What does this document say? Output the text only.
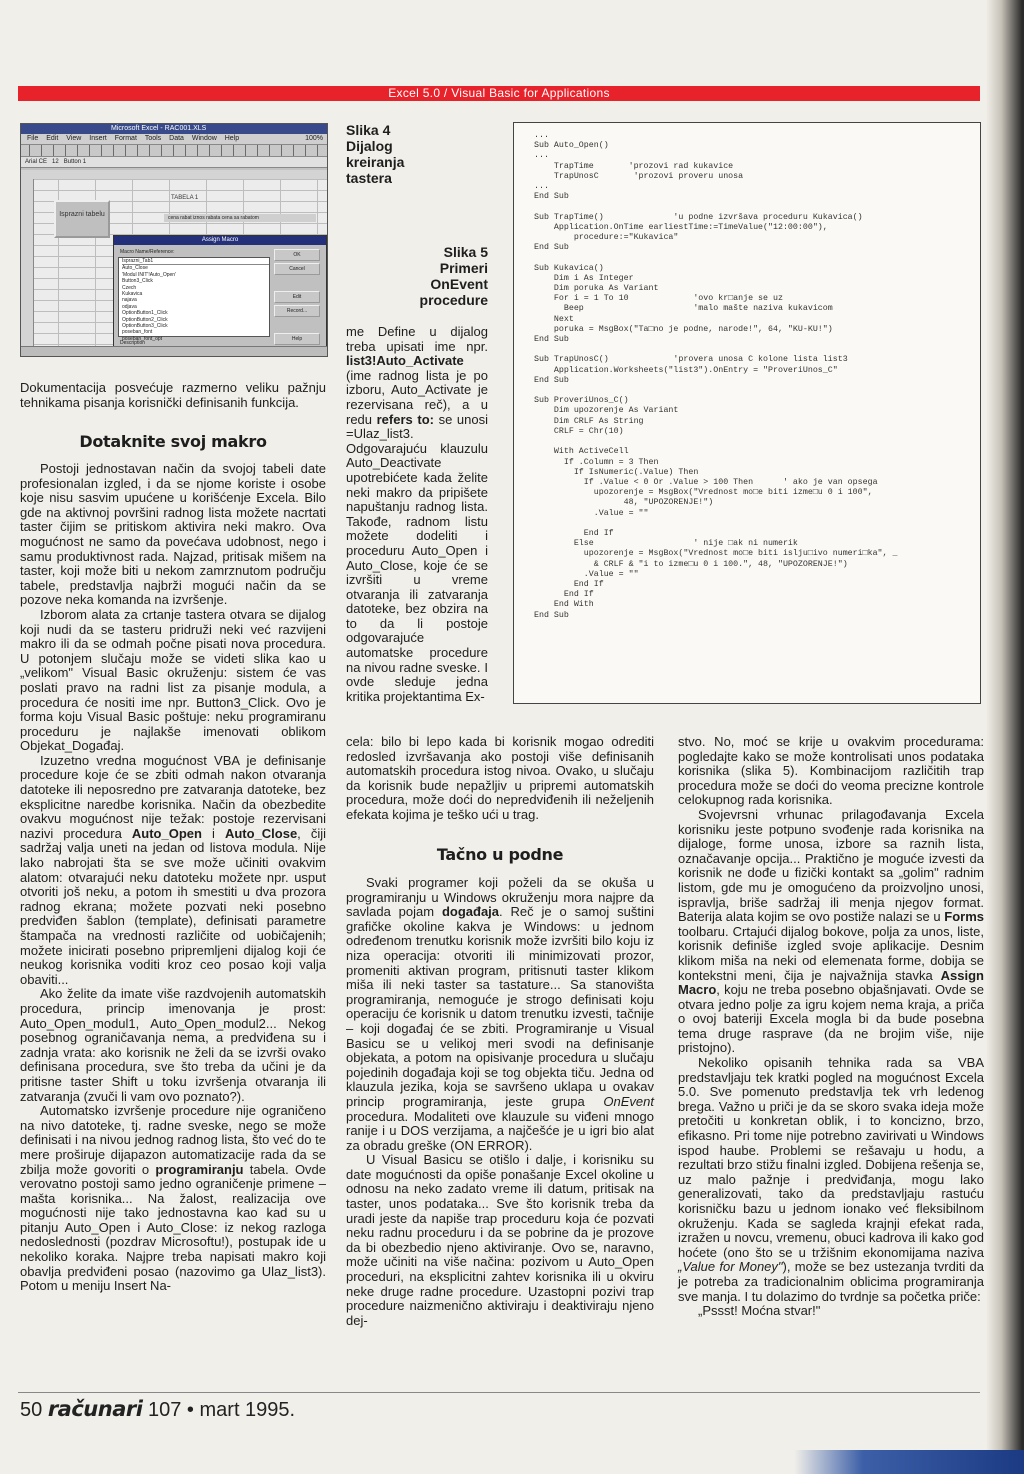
Excel 5.0 / Visual Basic for Applications
Microsoft Excel - RAC001.XLS
File Edit View Insert Format Tools Data Window Help	100%
Arial CE 12 Button 1
Isprazni tabelu
TABELA 1
cena rabat iznos rabata cena sa rabatom
Assign Macro
Macro Name/Reference:
Isprazni_Tab1
Auto_Close
'Modul INIT'!Auto_Open'
Button3_Click
Czech
Kukavica
najava
odjava
OptionButton1_Click
OptionButton2_Click
OptionButton3_Click
poseban_font
poseban_font_opt
OK
Cancel
Edit
Record...
Help
Description
Slika 4 Dijalog kreiranja tastera
Slika 5 Primeri OnEvent procedure
...
Sub Auto_Open()
...
TrapTime       'prozovi rad kukavice
TrapUnosC       'prozovi proveru unosa
...
End Sub

Sub TrapTime()              'u podne izvršava proceduru Kukavica()
Application.OnTime earliestTime:=TimeValue("12:00:00"),
procedure:="Kukavica"
End Sub

Sub Kukavica()
Dim i As Integer
Dim poruka As Variant
For i = 1 To 10             'ovo kr□anje se uz
Beep                      'malo mašte naziva kukavicom
Next
poruka = MsgBox("Ta□no je podne, narode!", 64, "KU-KU!")
End Sub

Sub TrapUnosC()             'provera unosa C kolone lista list3
Application.Worksheets("list3").OnEntry = "ProveriUnos_C"
End Sub

Sub ProveriUnos_C()
Dim upozorenje As Variant
Dim CRLF As String
CRLF = Chr(10)

With ActiveCell
If .Column = 3 Then
If IsNumeric(.Value) Then
If .Value < 0 Or .Value > 100 Then      ' ako je van opsega
upozorenje = MsgBox("Vrednost mo□e biti izme□u 0 i 100",
48, "UPOZORENJE!")
.Value = ""

End If
Else                    ' nije □ak ni numerik
upozorenje = MsgBox("Vrednost mo□e biti islju□ivo numeri□ka", _
& CRLF & "i to izme□u 0 i 100.", 48, "UPOZORENJE!")
.Value = ""
End If
End If
End With
End Sub
Dokumentacija posvećuje razmerno veliku pažnju tehnikama pisanja korisnički definisanih funkcija.
Dotaknite svoj makro

Postoji jednostavan način da svojoj tabeli date profesionalan izgled, i da se njome koriste i osobe koje nisu sasvim upućene u korišćenje Excela. Bilo gde na aktivnoj površini radnog lista možete nacrtati taster čijim se pritiskom aktivira neki makro. Ova mogućnost ne samo da povećava udobnost, nego i samu produktivnost rada. Najzad, pritisak mišem na taster, koji može biti u nekom zamrznutom području tabele, predstavlja najbrži mogući način da se pozove neka komanda na izvršenje.

Izborom alata za crtanje tastera otvara se dijalog koji nudi da se tasteru pridruži neki već razvijeni makro ili da se odmah počne pisati nova procedura. U potonjem slučaju može se videti slika kao u „velikom" Visual Basic okruženju: sistem će vas poslati pravo na radni list za pisanje modula, a procedura će nositi ime npr. Button3_Click. Ovo je forma koju Visual Basic poštuje: neku programiranu proceduru je najlakše imenovati oblikom Objekat_Događaj.

Izuzetno vredna mogućnost VBA je definisanje procedure koje će se zbiti odmah nakon otvaranja datoteke ili neposredno pre zatvaranja datoteke, bez eksplicitne naredbe korisnika. Način da obezbedite ovakvu mogućnost nije težak: postoje rezervisani nazivi procedura Auto_Open i Auto_Close, čiji sadržaj valja uneti na jedan od listova modula. Nije lako nabrojati šta se sve može učiniti ovakvim alatom: otvarajući neku datoteku možete npr. usput otvoriti još neku, a potom ih smestiti u dva prozora radnog ekrana; možete pozvati neki posebno predviđen šablon (template), definisati parametre štampača na vrednosti različite od uobičajenih; možete inicirati posebno pripremljeni dijalog koji će neukog korisnika voditi kroz ceo posao koji valja obaviti...

Ako želite da imate više razdvojenih automatskih procedura, princip imenovanja je prost: Auto_Open_modul1, Auto_Open_modul2... Nekog posebnog ograničavanja nema, a predviđena su i zadnja vrata: ako korisnik ne želi da se izvrši ovako definisana procedura, sve što treba da učini je da pritisne taster Shift u toku izvršenja otvaranja ili zatvaranja (zvuči li vam ovo poznato?).

Automatsko izvršenje procedure nije ograničeno na nivo datoteke, tj. radne sveske, nego se može definisati i na nivou jednog radnog lista, što već do te mere proširuje dijapazon automatizacije rada da se zbilja može govoriti o programiranju tabela. Ovde verovatno postoji samo jedno ograničenje primene – mašta korisnika... Na žalost, realizacija ove mogućnosti nije tako jednostavna kao kad su u pitanju Auto_Open i Auto_Close: iz nekog razloga nedoslednosti (pozdrav Microsoftu!), postupak ide u nekoliko koraka. Najpre treba napisati makro koji obavlja predviđeni posao (nazovimo ga Ulaz_list3). Potom u meniju Insert Na-

me Define u dijalog treba upisati ime npr. list3!Auto_Activate (ime radnog lista je po izboru, Auto_Activate je rezervisana reč), a u redu refers to: se unosi =Ulaz_list3. Odgovarajuću klauzulu Auto_Deactivate upotrebićete kada želite neki makro da pripišete napuštanju radnog lista. Takođe, radnom listu možete dodeliti i proceduru Auto_Open i Auto_Close, koje će se izvršiti u vreme otvaranja ili zatvaranja datoteke, bez obzira na to da li postoje odgovarajuće automatske procedure na nivou radne sveske. I ovde sleduje jedna kritika projektantima Ex-

cela: bilo bi lepo kada bi korisnik mogao odrediti redosled izvršavanja ako postoji više definisanih automatskih procedura istog nivoa. Ovako, u slučaju da korisnik bude nepažljiv u pripremi automatskih procedura, može doći do nepredviđenih ili neželjenih efekata kojima je teško ući u trag.

Tačno u podne

Svaki programer koji poželi da se okuša u programiranju u Windows okruženju mora najpre da savlada pojam događaja. Reč je o samoj suštini grafičke okoline kakva je Windows: u jednom određenom trenutku korisnik može izvršiti bilo koju iz niza operacija: otvoriti ili minimizovati prozor, promeniti aktivan program, pritisnuti taster klikom miša ili neki taster sa tastature... Sa stanovišta programiranja, nemoguće je strogo definisati koju operaciju će korisnik u datom trenutku izvesti, tačnije – koji događaj će se zbiti. Programiranje u Visual Basicu se u velikoj meri svodi na definisanje objekata, a potom na opisivanje procedura u slučaju pojedinih događaja koji se tog objekta tiču. Jedna od klauzula jezika, koja se savršeno uklapa u ovakav princip programiranja, jeste grupa OnEvent procedura. Modaliteti ove klauzule su viđeni mnogo ranije i u DOS verzijama, a najčešće je u igri bio alat za obradu greške (ON ERROR).

U Visual Basicu se otišlo i dalje, i korisniku su date mogućnosti da opiše ponašanje Excel okoline u odnosu na neko zadato vreme ili datum, pritisak na taster, unos podataka... Sve što korisnik treba da uradi jeste da napiše trap proceduru koja će pozvati neku radnu proceduru i da se pobrine da je prozove da bi obezbedio njeno aktiviranje. Ovo se, naravno, može učiniti na više načina: pozivom u Auto_Open proceduri, na eksplicitni zahtev korisnika ili u okviru neke druge radne procedure. Uzastopni pozivi trap procedure naizmenično aktiviraju i deaktiviraju njeno dej-

stvo. No, moć se krije u ovakvim procedurama: pogledajte kako se može kontrolisati unos podataka korisnika (slika 5). Kombinacijom različitih trap procedura može se doći do veoma precizne kontrole celokupnog rada korisnika.

Svojevrsni vrhunac prilagođavanja Excela korisniku jeste potpuno svođenje rada korisnika na dijaloge, forme unosa, izbore sa raznih lista, označavanje opcija... Praktično je moguće izvesti da korisnik ne dođe u fizički kontakt sa „golim" radnim listom, gde mu je omogućeno da proizvoljno unosi, ispravlja, briše sadržaj ili menja njegov format. Baterija alata kojim se ovo postiže nalazi se u Forms toolbaru. Crtajući dijalog bokove, polja za unos, liste, korisnik definiše izgled svoje aplikacije. Desnim klikom miša na neki od elemenata forme, dobija se kontekstni meni, čija je najvažnija stavka Assign Macro, koju ne treba posebno objašnjavati. Ovde se otvara jedno polje za igru kojem nema kraja, a priča o ovoj bateriji Excela mogla bi da bude posebna tema druge rasprave (da ne brojim više, nije pristojno).

Nekoliko opisanih tehnika rada sa VBA predstavljaju tek kratki pogled na mogućnost Excela 5.0. Sve pomenuto predstavlja tek vrh ledenog brega. Važno u priči je da se skoro svaka ideja može pretočiti u konkretan oblik, i to koncizno, brzo, efikasno. Pri tome nije potrebno zavirivati u Windows ispod haube. Problemi se rešavaju u hodu, a rezultati brzo stižu finalni izgled. Dobijena rešenja se, uz malo pažnje i predviđanja, mogu lako generalizovati, tako da predstavljaju rastuću korisničku bazu u jednom ionako već fleksibilnom okruženju. Kada se sagleda krajnji efekat rada, izražen u novcu, vremenu, obuci kadrova ili kako god hoćete (ono što se u tržišnim ekonomijama naziva „Value for Money"), može se bez ustezanja tvrditi da je potreba za tradicionalnim oblicima programiranja sve manja. I tu dolazimo do tvrdnje sa početka priče:

„Pssst! Moćna stvar!"

50 računari 107 • mart 1995.
